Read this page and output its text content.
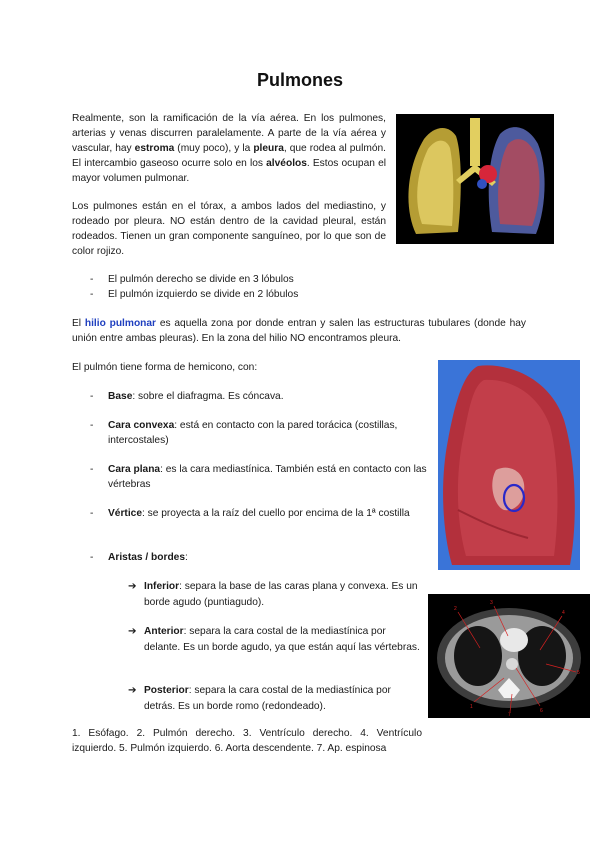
Pulmones

Realmente, son la ramificación de la vía aérea. En los pulmones, arterias y venas discurren paralelamente. A parte de la vía aérea y vascular, hay estroma (muy poco), y la pleura, que rodea al pulmón. El intercambio gaseoso ocurre solo en los alvéolos. Estos ocupan el mayor volumen pulmonar.

Los pulmones están en el tórax, a ambos lados del mediastino, y rodeado por pleura. NO están dentro de la cavidad pleural, están rodeados. Tienen un gran componente sanguíneo, por lo que son de color rojizo.

- El pulmón derecho se divide en 3 lóbulos
- El pulmón izquierdo se divide en 2 lóbulos

El hilio pulmonar es aquella zona por donde entran y salen las estructuras tubulares (donde hay unión entre ambas pleuras). En la zona del hilio NO encontramos pleura.

El pulmón tiene forma de hemicono, con:

- Base: sobre el diafragma. Es cóncava.
- Cara convexa: está en contacto con la pared torácica (costillas, intercostales)
- Cara plana: es la cara mediastínica. También está en contacto con las vértebras
- Vértice: se proyecta a la raíz del cuello por encima de la 1ª costilla
- Aristas / bordes:
➔ Inferior: separa la base de las caras plana y convexa. Es un borde agudo (puntiagudo).
➔ Anterior: separa la cara costal de la mediastínica por delante. Es un borde agudo, ya que están aquí las vértebras.
➔ Posterior: separa la cara costal de la mediastínica por detrás. Es un borde romo (redondeado).
2
3
4
5
1
7
6

1. Esófago. 2. Pulmón derecho. 3. Ventrículo derecho. 4. Ventrículo izquierdo. 5. Pulmón izquierdo. 6. Aorta descendente. 7. Ap. espinosa
